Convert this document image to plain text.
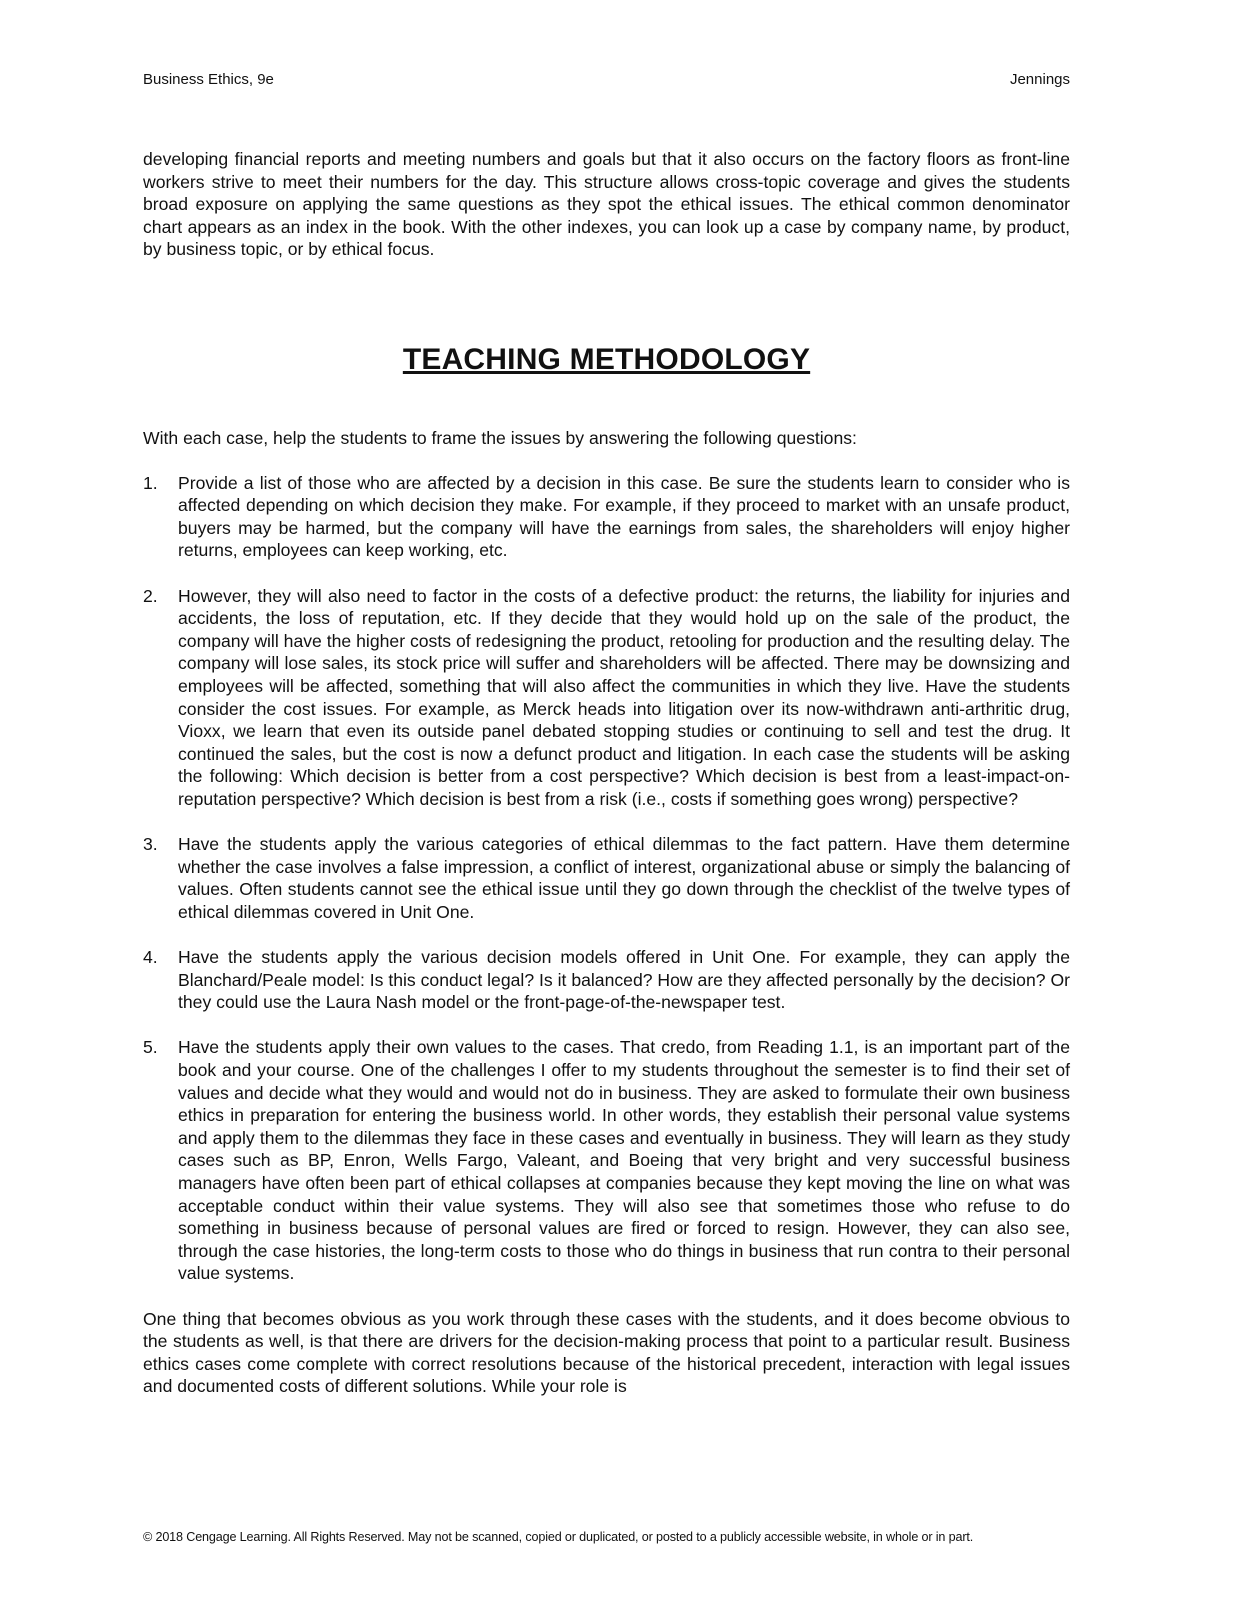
Business Ethics, 9e	Jennings

developing financial reports and meeting numbers and goals but that it also occurs on the factory floors as front-line workers strive to meet their numbers for the day. This structure allows cross-topic coverage and gives the students broad exposure on applying the same questions as they spot the ethical issues. The ethical common denominator chart appears as an index in the book. With the other indexes, you can look up a case by company name, by product, by business topic, or by ethical focus.

TEACHING METHODOLOGY

With each case, help the students to frame the issues by answering the following questions:

1.	Provide a list of those who are affected by a decision in this case. Be sure the students learn to consider who is affected depending on which decision they make. For example, if they proceed to market with an unsafe product, buyers may be harmed, but the company will have the earnings from sales, the shareholders will enjoy higher returns, employees can keep working, etc.
2.	However, they will also need to factor in the costs of a defective product: the returns, the liability for injuries and accidents, the loss of reputation, etc. If they decide that they would hold up on the sale of the product, the company will have the higher costs of redesigning the product, retooling for production and the resulting delay. The company will lose sales, its stock price will suffer and shareholders will be affected. There may be downsizing and employees will be affected, something that will also affect the communities in which they live. Have the students consider the cost issues. For example, as Merck heads into litigation over its now-withdrawn anti-arthritic drug, Vioxx, we learn that even its outside panel debated stopping studies or continuing to sell and test the drug. It continued the sales, but the cost is now a defunct product and litigation. In each case the students will be asking the following: Which decision is better from a cost perspective? Which decision is best from a least-impact-on-reputation perspective? Which decision is best from a risk (i.e., costs if something goes wrong) perspective?
3.	Have the students apply the various categories of ethical dilemmas to the fact pattern. Have them determine whether the case involves a false impression, a conflict of interest, organizational abuse or simply the balancing of values. Often students cannot see the ethical issue until they go down through the checklist of the twelve types of ethical dilemmas covered in Unit One.
4.	Have the students apply the various decision models offered in Unit One. For example, they can apply the Blanchard/Peale model: Is this conduct legal? Is it balanced? How are they affected personally by the decision? Or they could use the Laura Nash model or the front-page-of-the-newspaper test.
5.	Have the students apply their own values to the cases. That credo, from Reading 1.1, is an important part of the book and your course. One of the challenges I offer to my students throughout the semester is to find their set of values and decide what they would and would not do in business. They are asked to formulate their own business ethics in preparation for entering the business world. In other words, they establish their personal value systems and apply them to the dilemmas they face in these cases and eventually in business. They will learn as they study cases such as BP, Enron, Wells Fargo, Valeant, and Boeing that very bright and very successful business managers have often been part of ethical collapses at companies because they kept moving the line on what was acceptable conduct within their value systems. They will also see that sometimes those who refuse to do something in business because of personal values are fired or forced to resign. However, they can also see, through the case histories, the long-term costs to those who do things in business that run contra to their personal value systems.

One thing that becomes obvious as you work through these cases with the students, and it does become obvious to the students as well, is that there are drivers for the decision-making process that point to a particular result. Business ethics cases come complete with correct resolutions because of the historical precedent, interaction with legal issues and documented costs of different solutions. While your role is

© 2018 Cengage Learning. All Rights Reserved. May not be scanned, copied or duplicated, or posted to a publicly accessible website, in whole or in part.
